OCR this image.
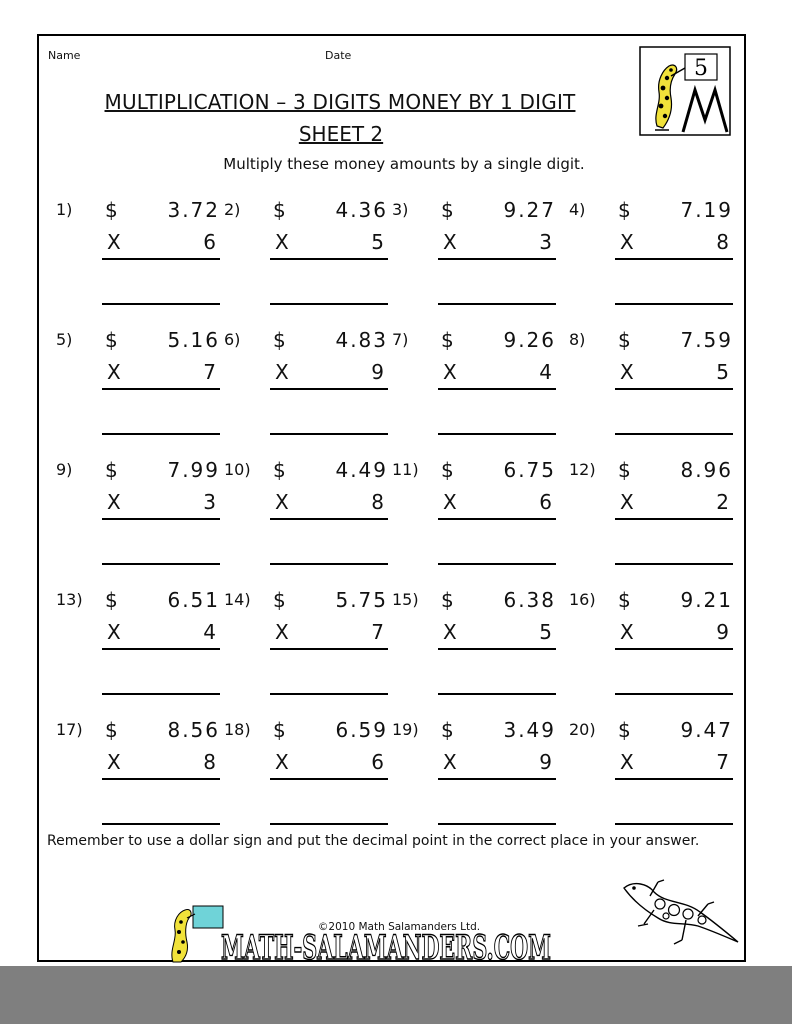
Name	Date
MULTIPLICATION – 3 DIGITS MONEY BY 1 DIGIT
SHEET 2
Multiply these money amounts by a single digit.
5
1) $ 3.72
X	6
2) $ 4.36
X	5
3) $ 9.27
X	3
4) $ 7.19
X	8
5) $ 5.16
X	7
6) $ 4.83
X	9
7) $ 9.26
X	4
8) $ 7.59
X	5
9) $ 7.99
X	3
10) $ 4.49
X	8
11) $ 6.75
X	6
12) $ 8.96
X	2
13) $ 6.51
X	4
14) $ 5.75
X	7
15) $ 6.38
X	5
16) $ 9.21
X	9
17) $ 8.56
X	8
18) $ 6.59
X	6
19) $ 3.49
X	9
20) $ 9.47
X	7
Remember to use a dollar sign and put the decimal point in the correct place in your answer.
©2010 Math Salamanders Ltd.
MATH-SALAMANDERS.COM
